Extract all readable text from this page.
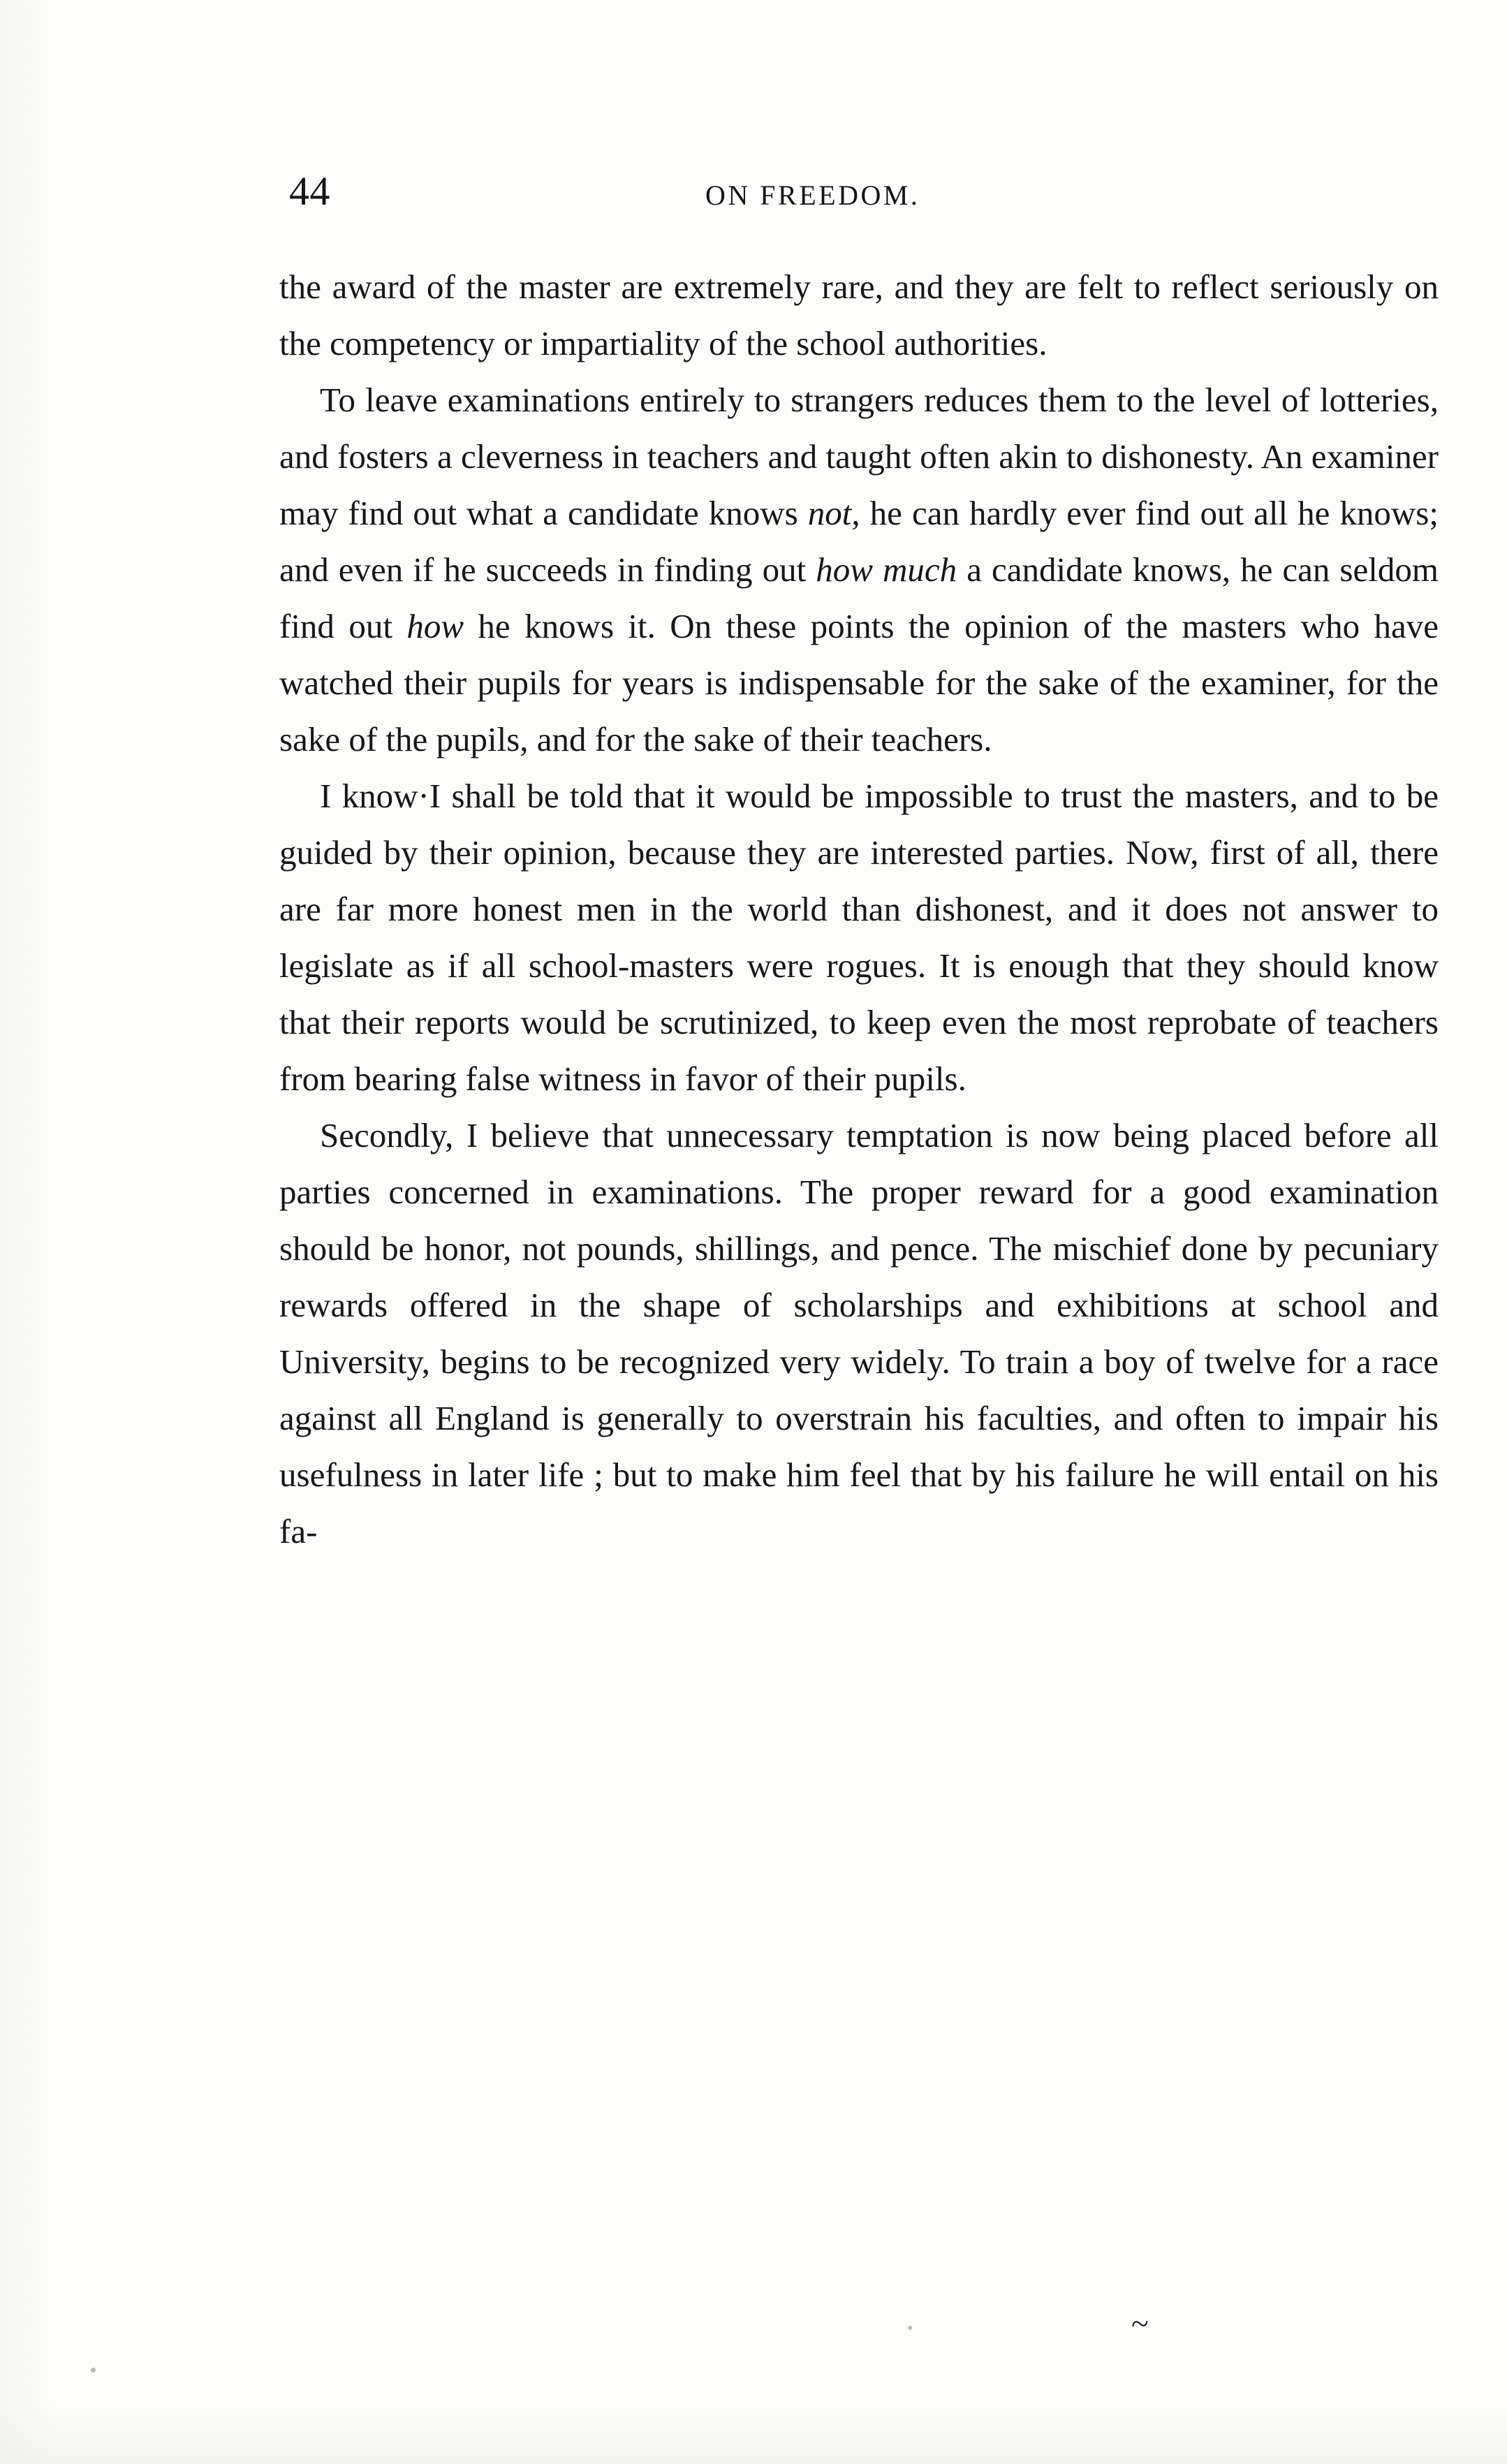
44	ON FREEDOM.

the award of the master are extremely rare, and they are felt to reflect seriously on the competency or impartiality of the school authorities.

To leave examinations entirely to strangers reduces them to the level of lotteries, and fosters a cleverness in teachers and taught often akin to dishonesty. An examiner may find out what a candidate knows not, he can hardly ever find out all he knows; and even if he succeeds in finding out how much a candidate knows, he can seldom find out how he knows it. On these points the opinion of the masters who have watched their pupils for years is indispensable for the sake of the examiner, for the sake of the pupils, and for the sake of their teachers.

I know·I shall be told that it would be impossible to trust the masters, and to be guided by their opinion, because they are interested parties. Now, first of all, there are far more honest men in the world than dishonest, and it does not answer to legislate as if all school-masters were rogues. It is enough that they should know that their reports would be scrutinized, to keep even the most reprobate of teachers from bearing false witness in favor of their pupils.

Secondly, I believe that unnecessary temptation is now being placed before all parties concerned in examinations. The proper reward for a good examination should be honor, not pounds, shillings, and pence. The mischief done by pecuniary rewards offered in the shape of scholarships and exhibitions at school and University, begins to be recognized very widely. To train a boy of twelve for a race against all England is generally to overstrain his faculties, and often to impair his usefulness in later life ; but to make him feel that by his failure he will entail on his fa-

~
